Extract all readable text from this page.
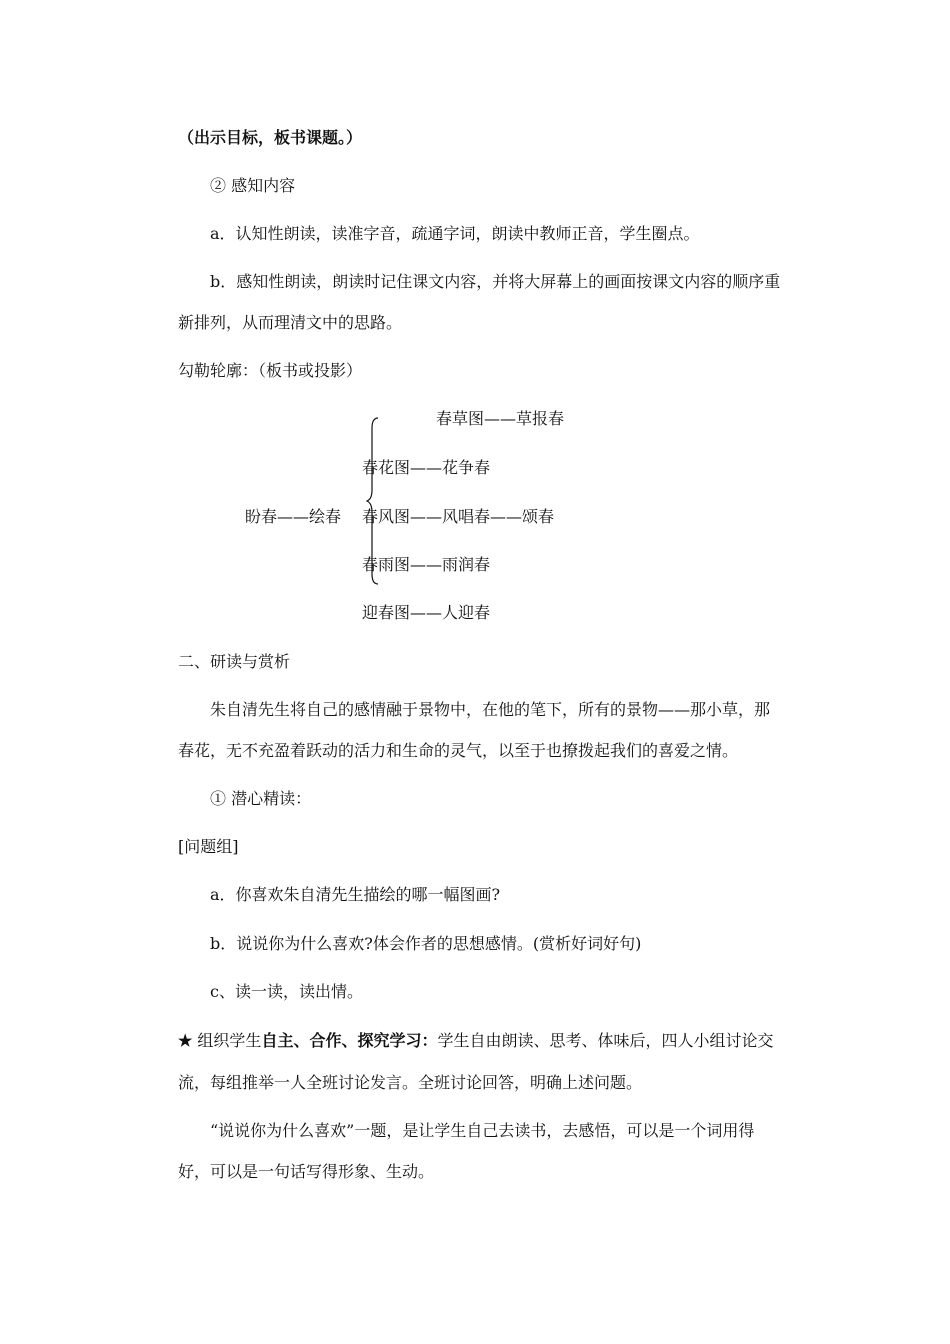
（出示目标，板书课题。）
② 感知内容
a．认知性朗读，读准字音，疏通字词，朗读中教师正音，学生圈点。
b．感知性朗读，朗读时记住课文内容，并将大屏幕上的画面按课文内容的顺序重
新排列，从而理清文中的思路。
勾勒轮廓：（板书或投影）
春草图——草报春
春花图——花争春
盼春——绘春 春风图——风唱春——颂春
春雨图——雨润春
迎春图——人迎春
二、研读与赏析
朱自清先生将自己的感情融于景物中，在他的笔下，所有的景物——那小草，那
春花，无不充盈着跃动的活力和生命的灵气，以至于也撩拨起我们的喜爱之情。
① 潜心精读：
[问题组]
a．你喜欢朱自清先生描绘的哪一幅图画?
b．说说你为什么喜欢?体会作者的思想感情。(赏析好词好句)
c、读一读，读出情。
★ 组织学生自主、合作、探究学习：学生自由朗读、思考、体味后，四人小组讨论交
流，每组推举一人全班讨论发言。全班讨论回答，明确上述问题。
“说说你为什么喜欢”一题，是让学生自己去读书，去感悟，可以是一个词用得
好，可以是一句话写得形象、生动。
